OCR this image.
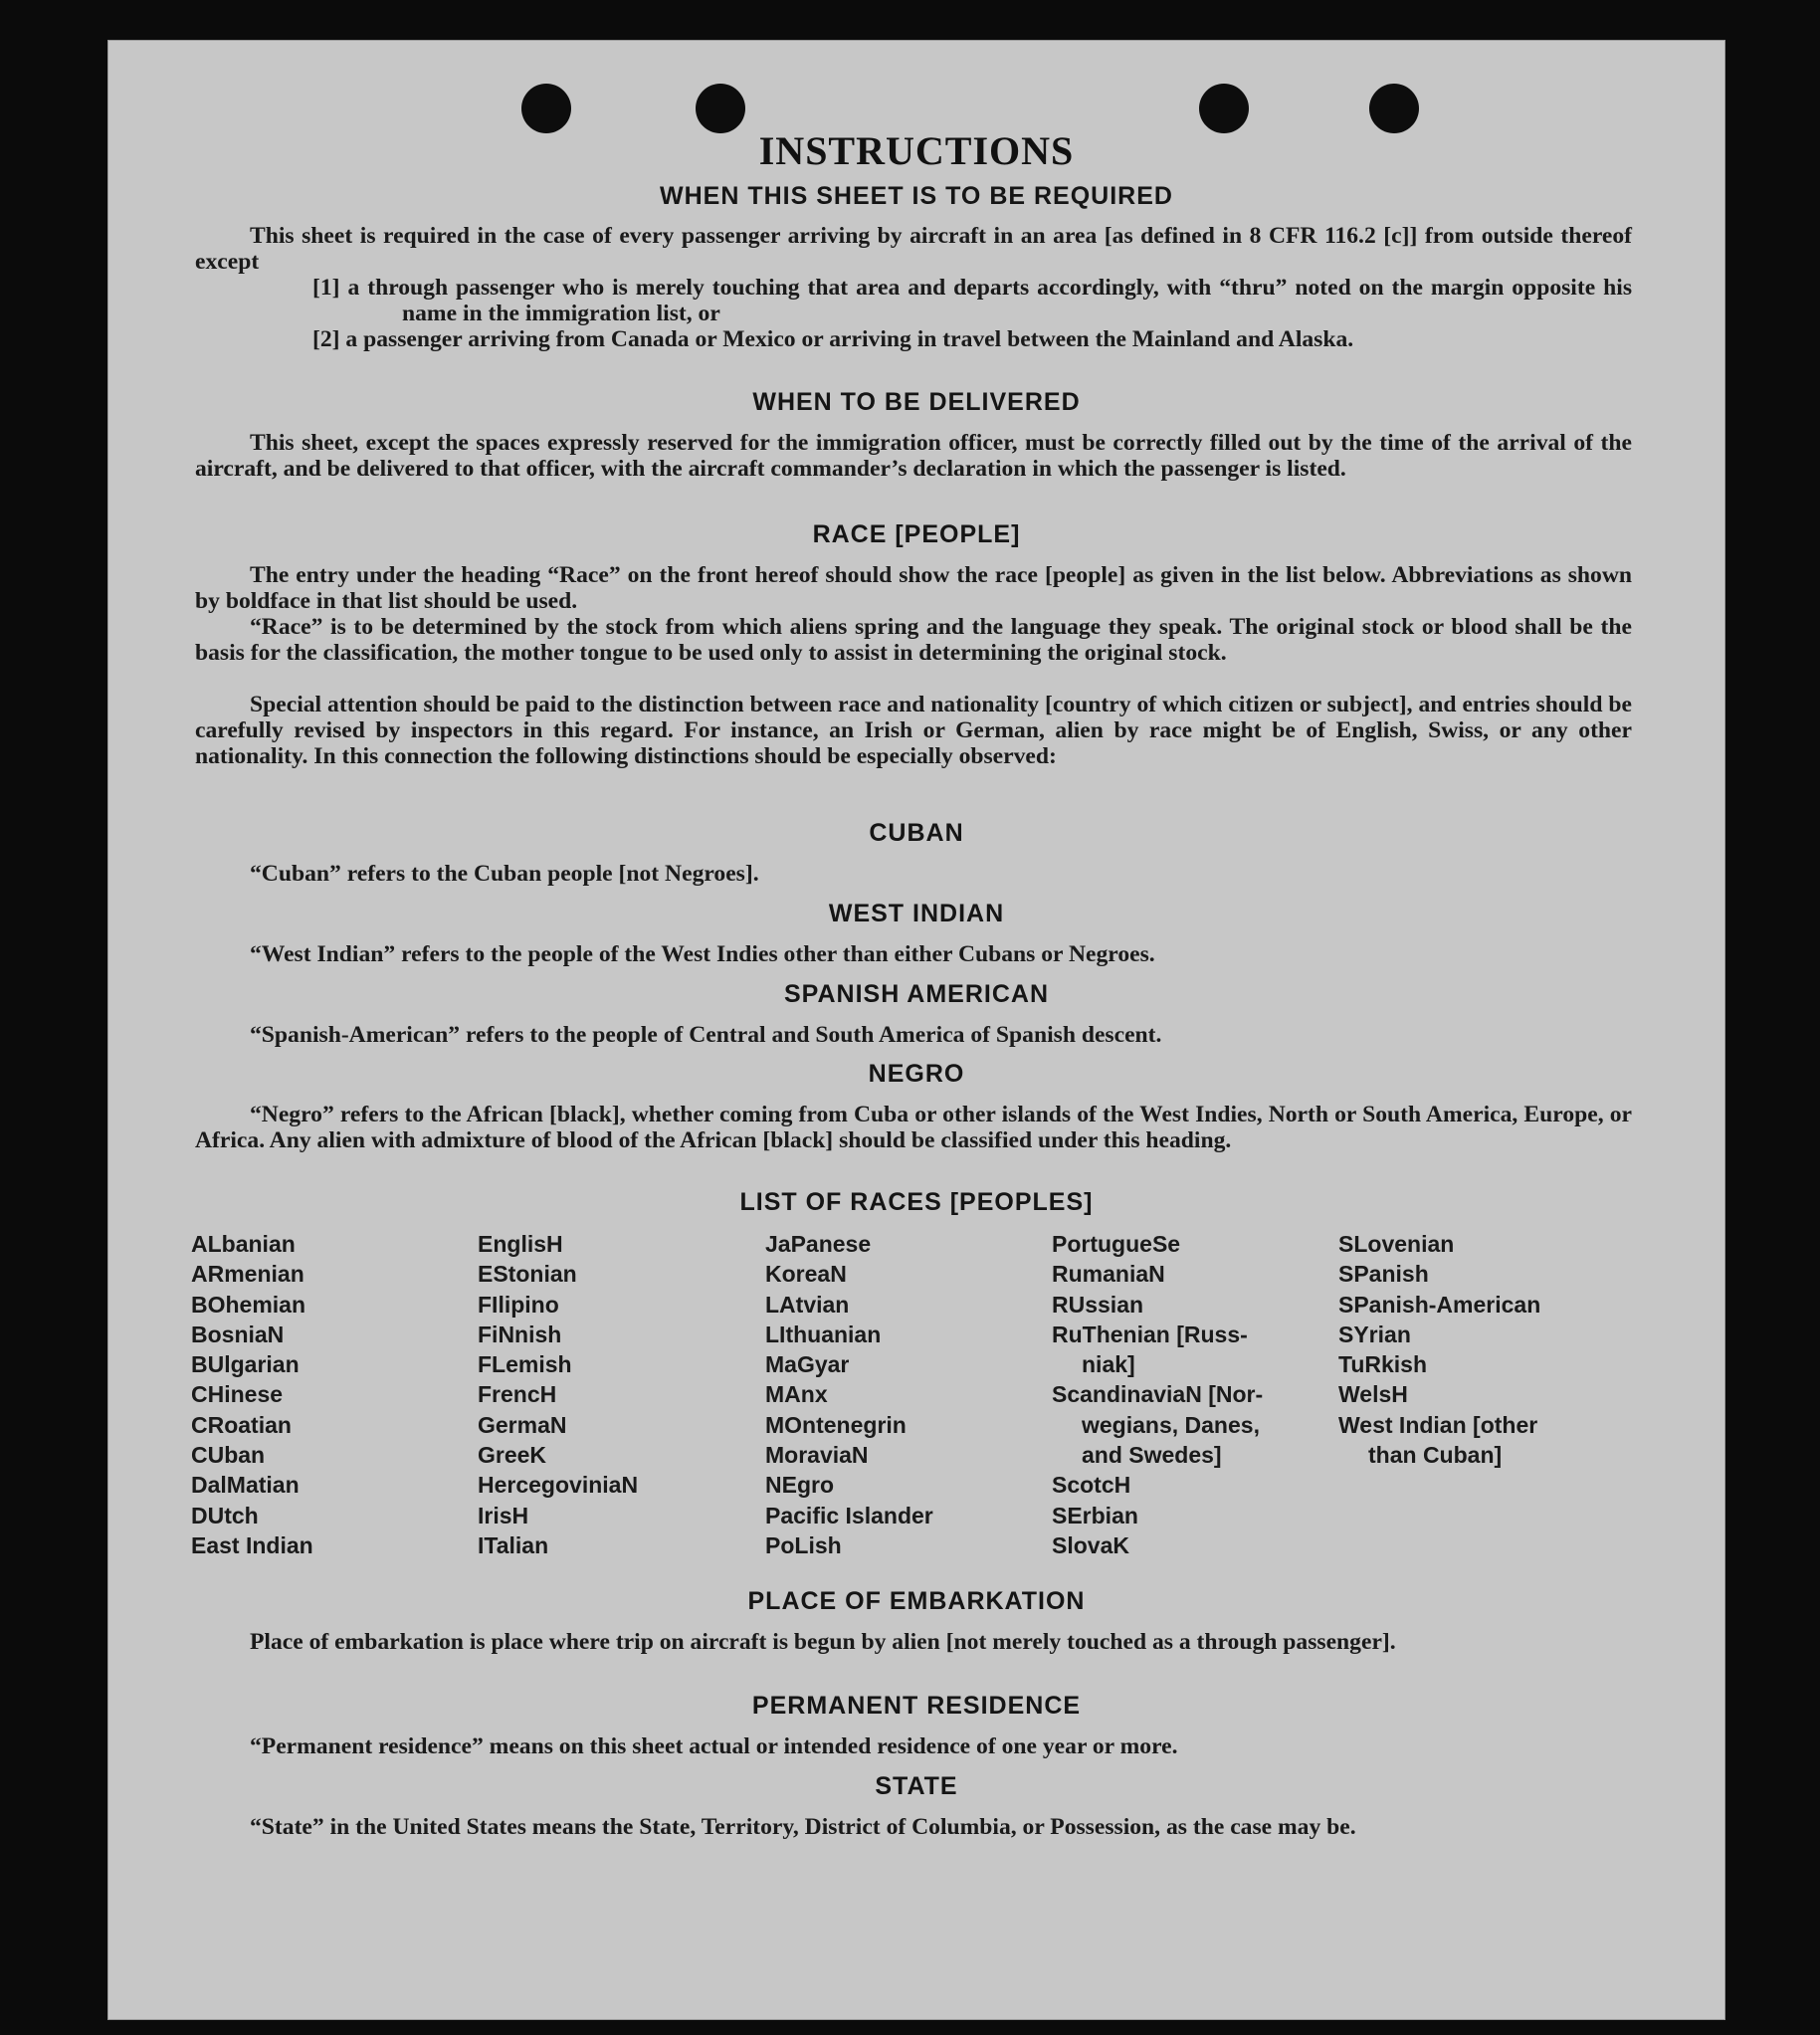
INSTRUCTIONS
WHEN THIS SHEET IS TO BE REQUIRED
This sheet is required in the case of every passenger arriving by aircraft in an area [as defined in 8 CFR 116.2 [c]] from outside thereof except
[1] a through passenger who is merely touching that area and departs accordingly, with “thru” noted on the margin opposite his name in the immigration list, or
[2] a passenger arriving from Canada or Mexico or arriving in travel between the Mainland and Alaska.
WHEN TO BE DELIVERED
This sheet, except the spaces expressly reserved for the immigration officer, must be correctly filled out by the time of the arrival of the aircraft, and be delivered to that officer, with the aircraft commander’s declaration in which the passenger is listed.
RACE [PEOPLE]
The entry under the heading “Race” on the front hereof should show the race [people] as given in the list below. Abbreviations as shown by boldface in that list should be used.
“Race” is to be determined by the stock from which aliens spring and the language they speak. The original stock or blood shall be the basis for the classification, the mother tongue to be used only to assist in determining the original stock.
Special attention should be paid to the distinction between race and nationality [country of which citizen or subject], and entries should be carefully revised by inspectors in this regard. For instance, an Irish or German, alien by race might be of English, Swiss, or any other nationality. In this connection the following distinctions should be especially observed:
CUBAN
“Cuban” refers to the Cuban people [not Negroes].
WEST INDIAN
“West Indian” refers to the people of the West Indies other than either Cubans or Negroes.
SPANISH AMERICAN
“Spanish-American” refers to the people of Central and South America of Spanish descent.
NEGRO
“Negro” refers to the African [black], whether coming from Cuba or other islands of the West Indies, North or South America, Europe, or Africa. Any alien with admixture of blood of the African [black] should be classified under this heading.
LIST OF RACES [PEOPLES]
ALbanian
ARmenian
BOhemian
BosniaN
BUlgarian
CHinese
CRoatian
CUban
DalMatian
DUtch
East Indian
EnglisH
EStonian
FIlipino
FiNnish
FLemish
FrencH
GermaN
GreeK
HercegoviniaN
IrisH
ITalian
JaPanese
KoreaN
LAtvian
LIthuanian
MaGyar
MAnx
MOntenegrin
MoraviaN
NEgro
Pacific Islander
PoLish
PortugueSe
RumaniaN
RUssian
RuThenian [Russ-
niak]
ScandinaviaN [Nor-
wegians, Danes,
and Swedes]
ScotcH
SErbian
SlovaK
SLovenian
SPanish
SPanish-American
SYrian
TuRkish
WelsH
West Indian [other
than Cuban]
PLACE OF EMBARKATION
Place of embarkation is place where trip on aircraft is begun by alien [not merely touched as a through passenger].
PERMANENT RESIDENCE
“Permanent residence” means on this sheet actual or intended residence of one year or more.
STATE
“State” in the United States means the State, Territory, District of Columbia, or Possession, as the case may be.
